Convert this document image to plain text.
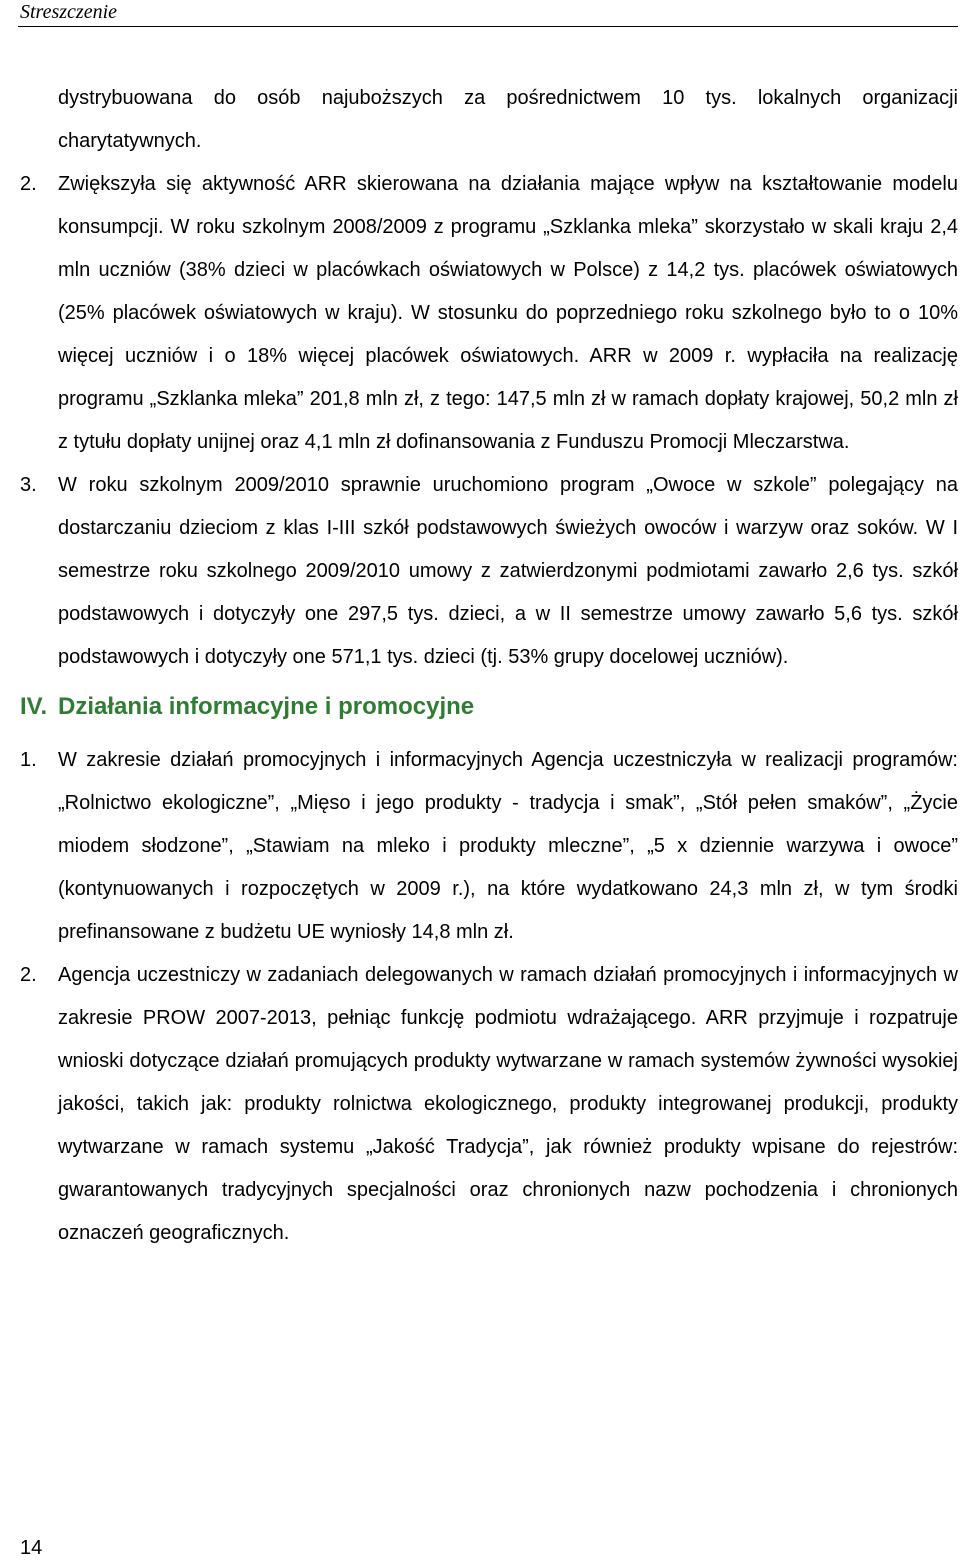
Streszczenie
dystrybuowana do osób najuboższych za pośrednictwem 10 tys. lokalnych organizacji charytatywnych.
2.	Zwiększyła się aktywność ARR skierowana na działania mające wpływ na kształtowanie modelu konsumpcji. W roku szkolnym 2008/2009 z programu „Szklanka mleka” skorzystało w skali kraju 2,4 mln uczniów (38% dzieci w placówkach oświatowych w Polsce) z 14,2 tys. placówek oświatowych (25% placówek oświatowych w kraju). W stosunku do poprzedniego roku szkolnego było to o 10% więcej uczniów i o 18% więcej placówek oświatowych. ARR w 2009 r. wypłaciła na realizację programu „Szklanka mleka” 201,8 mln zł, z tego: 147,5 mln zł w ramach dopłaty krajowej, 50,2 mln zł z tytułu dopłaty unijnej oraz 4,1 mln zł dofinansowania z Funduszu Promocji Mleczarstwa.
3.	W roku szkolnym 2009/2010 sprawnie uruchomiono program „Owoce w szkole” polegający na dostarczaniu dzieciom z klas I-III szkół podstawowych świeżych owoców i warzyw oraz soków. W I semestrze roku szkolnego 2009/2010 umowy z zatwierdzonymi podmiotami zawarło 2,6 tys. szkół podstawowych i dotyczyły one 297,5 tys. dzieci, a w II semestrze umowy zawarło 5,6 tys. szkół podstawowych i dotyczyły one 571,1 tys. dzieci (tj. 53% grupy docelowej uczniów).
IV. Działania informacyjne i promocyjne
1.	W zakresie działań promocyjnych i informacyjnych Agencja uczestniczyła w realizacji programów: „Rolnictwo ekologiczne”, „Mięso i jego produkty - tradycja i smak”, „Stół pełen smaków”, „Życie miodem słodzone”, „Stawiam na mleko i produkty mleczne”, „5 x dziennie warzywa i owoce” (kontynuowanych i rozpoczętych w 2009 r.), na które wydatkowano 24,3 mln zł, w tym środki prefinansowane z budżetu UE wyniosły 14,8 mln zł.
2.	Agencja uczestniczy w zadaniach delegowanych w ramach działań promocyjnych i informacyjnych w zakresie PROW 2007-2013, pełniąc funkcję podmiotu wdrażającego. ARR przyjmuje i rozpatruje wnioski dotyczące działań promujących produkty wytwarzane w ramach systemów żywności wysokiej jakości, takich jak: produkty rolnictwa ekologicznego, produkty integrowanej produkcji, produkty wytwarzane w ramach systemu „Jakość Tradycja”, jak również produkty wpisane do rejestrów: gwarantowanych tradycyjnych specjalności oraz chronionych nazw pochodzenia i chronionych oznaczeń geograficznych.
14
